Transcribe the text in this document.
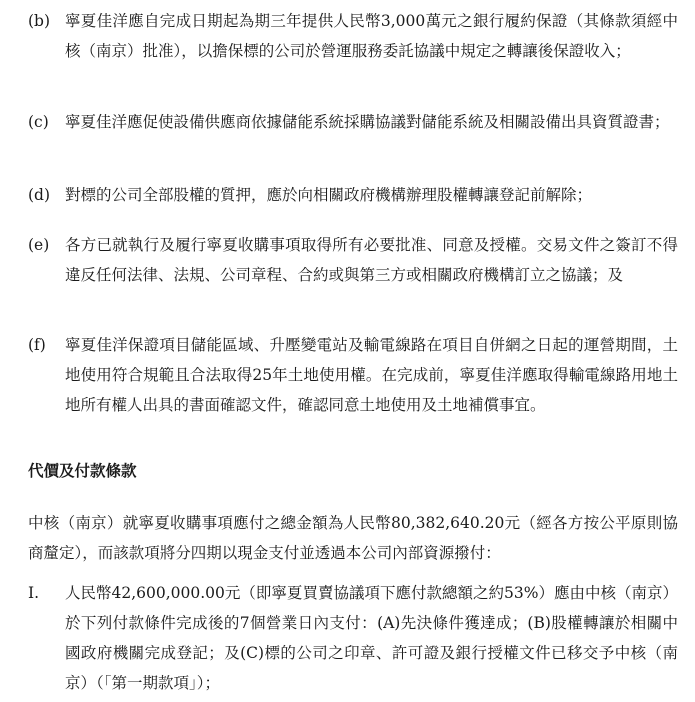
(b) 寧夏佳洋應自完成日期起為期三年提供人民幣3,000萬元之銀行履約保證（其條款須經中核（南京）批准），以擔保標的公司於營運服務委託協議中規定之轉讓後保證收入；
(c)	寧夏佳洋應促使設備供應商依據儲能系統採購協議對儲能系統及相關設備出具資質證書；
(d) 對標的公司全部股權的質押，應於向相關政府機構辦理股權轉讓登記前解除；
(e)	各方已就執行及履行寧夏收購事項取得所有必要批准、同意及授權。交易文件之簽訂不得違反任何法律、法規、公司章程、合約或與第三方或相關政府機構訂立之協議；及
(f)	寧夏佳洋保證項目儲能區域、升壓變電站及輸電線路在項目自併網之日起的運營期間，土地使用符合規範且合法取得25年土地使用權。在完成前，寧夏佳洋應取得輸電線路用地土地所有權人出具的書面確認文件，確認同意土地使用及土地補償事宜。
代價及付款條款
中核（南京）就寧夏收購事項應付之總金額為人民幣80,382,640.20元（經各方按公平原則協商釐定），而該款項將分四期以現金支付並透過本公司內部資源撥付：
I.	人民幣42,600,000.00元（即寧夏買賣協議項下應付款總額之約53%）應由中核（南京）於下列付款條件完成後的7個營業日內支付：(A)先決條件獲達成；(B)股權轉讓於相關中國政府機關完成登記；及(C)標的公司之印章、許可證及銀行授權文件已移交予中核（南京）（「第一期款項」）；
